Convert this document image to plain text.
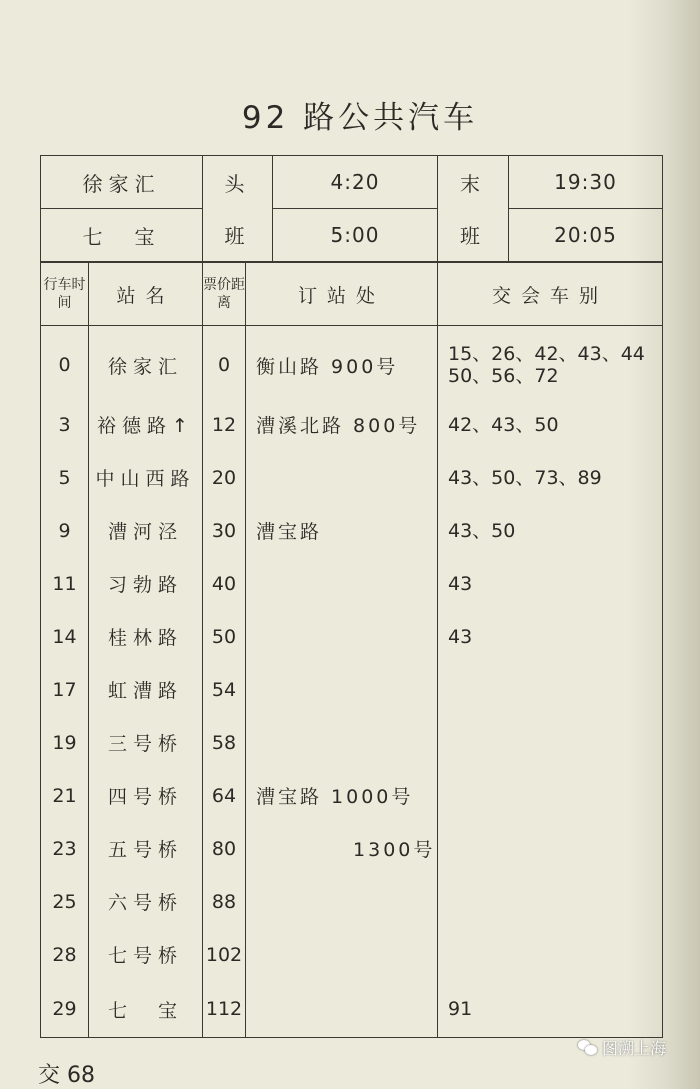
92 路公共汽车
徐家汇	头	4:20	末	19:30
七　宝	班	5:00	班	20:05
行车时间	站名	票价距离	订站处	交会车别
0	徐家汇	0	衡山路 900号	15、26、42、43、44
50、56、72
3	裕德路↑	12	漕溪北路 800号	42、43、50
5	中山西路	20		43、50、73、89
9	漕河泾	30	漕宝路	43、50
11	习勃路	40		43
14	桂林路	50		43
17	虹漕路	54		
19	三号桥	58		
21	四号桥	64	漕宝路 1000号	
23	五号桥	80	　　　　 1300号	
25	六号桥	88		
28	七号桥	102		
29	七　宝	112		91
交 68
图溯上海
